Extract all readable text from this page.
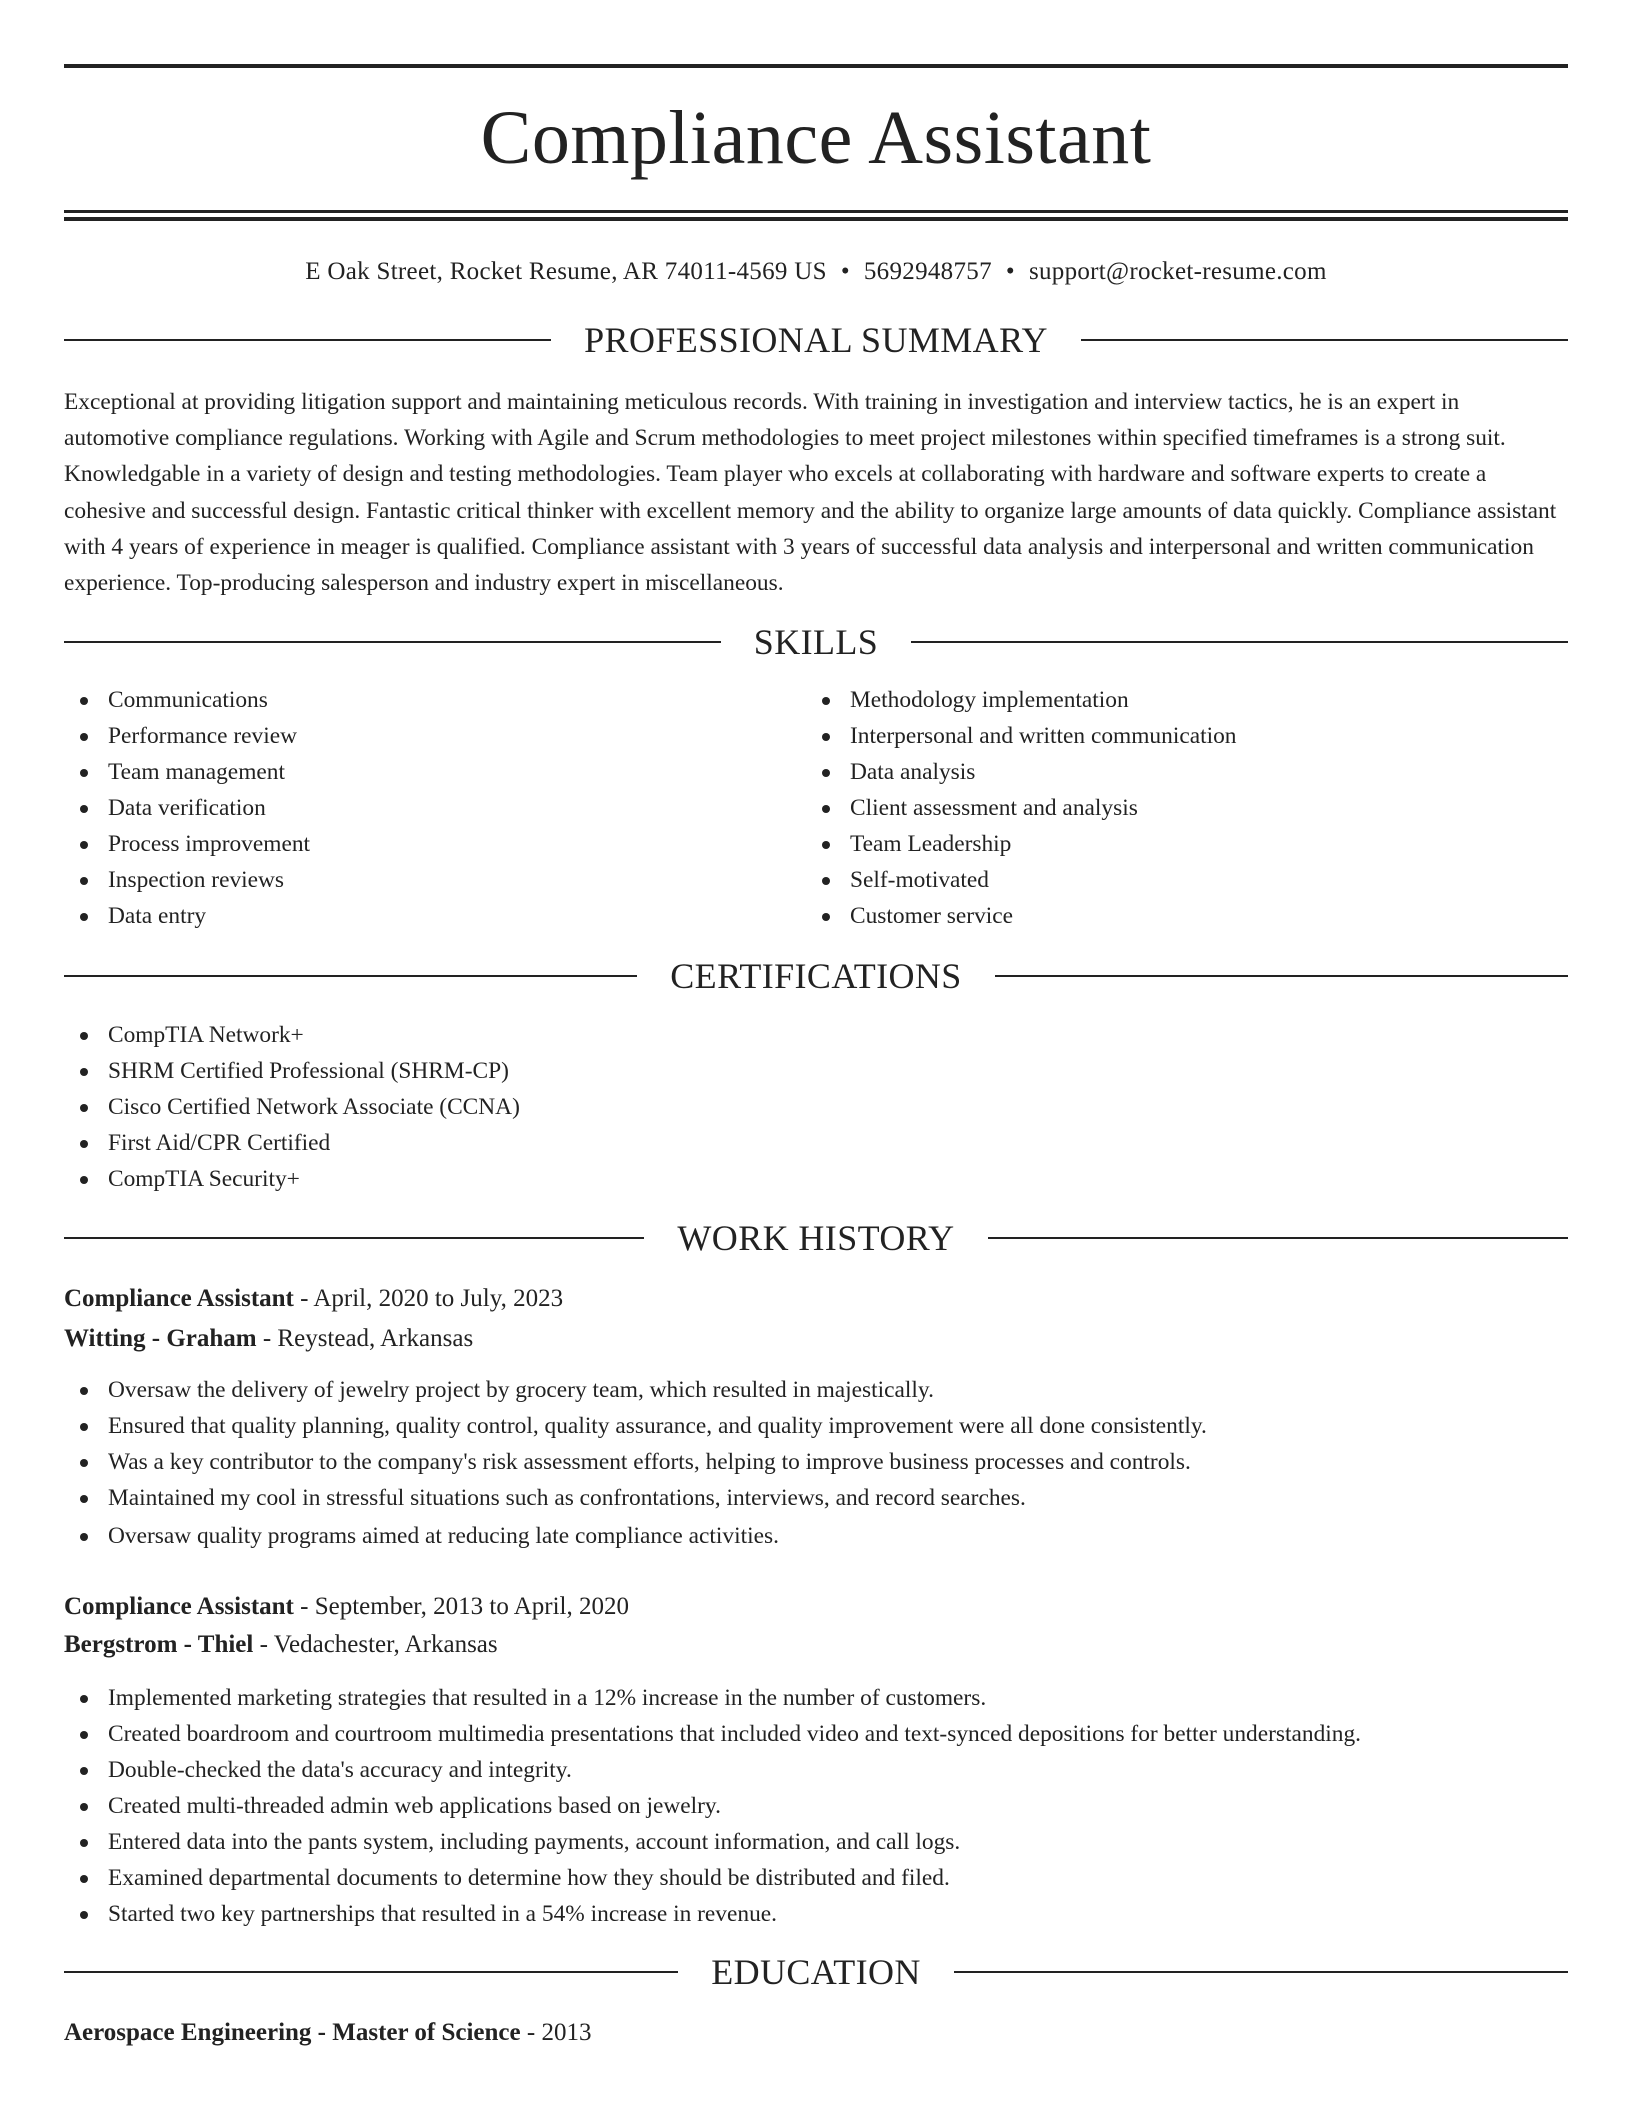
Compliance Assistant
E Oak Street, Rocket Resume, AR 74011-4569 US • 5692948757 • support@rocket-resume.com
PROFESSIONAL SUMMARY

Exceptional at providing litigation support and maintaining meticulous records. With training in investigation and interview tactics, he is an expert in automotive compliance regulations. Working with Agile and Scrum methodologies to meet project milestones within specified timeframes is a strong suit. Knowledgable in a variety of design and testing methodologies. Team player who excels at collaborating with hardware and software experts to create a cohesive and successful design. Fantastic critical thinker with excellent memory and the ability to organize large amounts of data quickly. Compliance assistant with 4 years of experience in meager is qualified. Compliance assistant with 3 years of successful data analysis and interpersonal and written communication experience. Top-producing salesperson and industry expert in miscellaneous.

SKILLS
Communications
Performance review
Team management
Data verification
Process improvement
Inspection reviews
Data entry
Methodology implementation
Interpersonal and written communication
Data analysis
Client assessment and analysis
Team Leadership
Self-motivated
Customer service
CERTIFICATIONS
CompTIA Network+
SHRM Certified Professional (SHRM-CP)
Cisco Certified Network Associate (CCNA)
First Aid/CPR Certified
CompTIA Security+
WORK HISTORY
Compliance Assistant - April, 2020 to July, 2023
Witting - Graham - Reystead, Arkansas
Oversaw the delivery of jewelry project by grocery team, which resulted in majestically.
Ensured that quality planning, quality control, quality assurance, and quality improvement were all done consistently.
Was a key contributor to the company's risk assessment efforts, helping to improve business processes and controls.
Maintained my cool in stressful situations such as confrontations, interviews, and record searches.
Oversaw quality programs aimed at reducing late compliance activities.
Compliance Assistant - September, 2013 to April, 2020
Bergstrom - Thiel - Vedachester, Arkansas
Implemented marketing strategies that resulted in a 12% increase in the number of customers.
Created boardroom and courtroom multimedia presentations that included video and text-synced depositions for better understanding.
Double-checked the data's accuracy and integrity.
Created multi-threaded admin web applications based on jewelry.
Entered data into the pants system, including payments, account information, and call logs.
Examined departmental documents to determine how they should be distributed and filed.
Started two key partnerships that resulted in a 54% increase in revenue.
EDUCATION
Aerospace Engineering - Master of Science - 2013
